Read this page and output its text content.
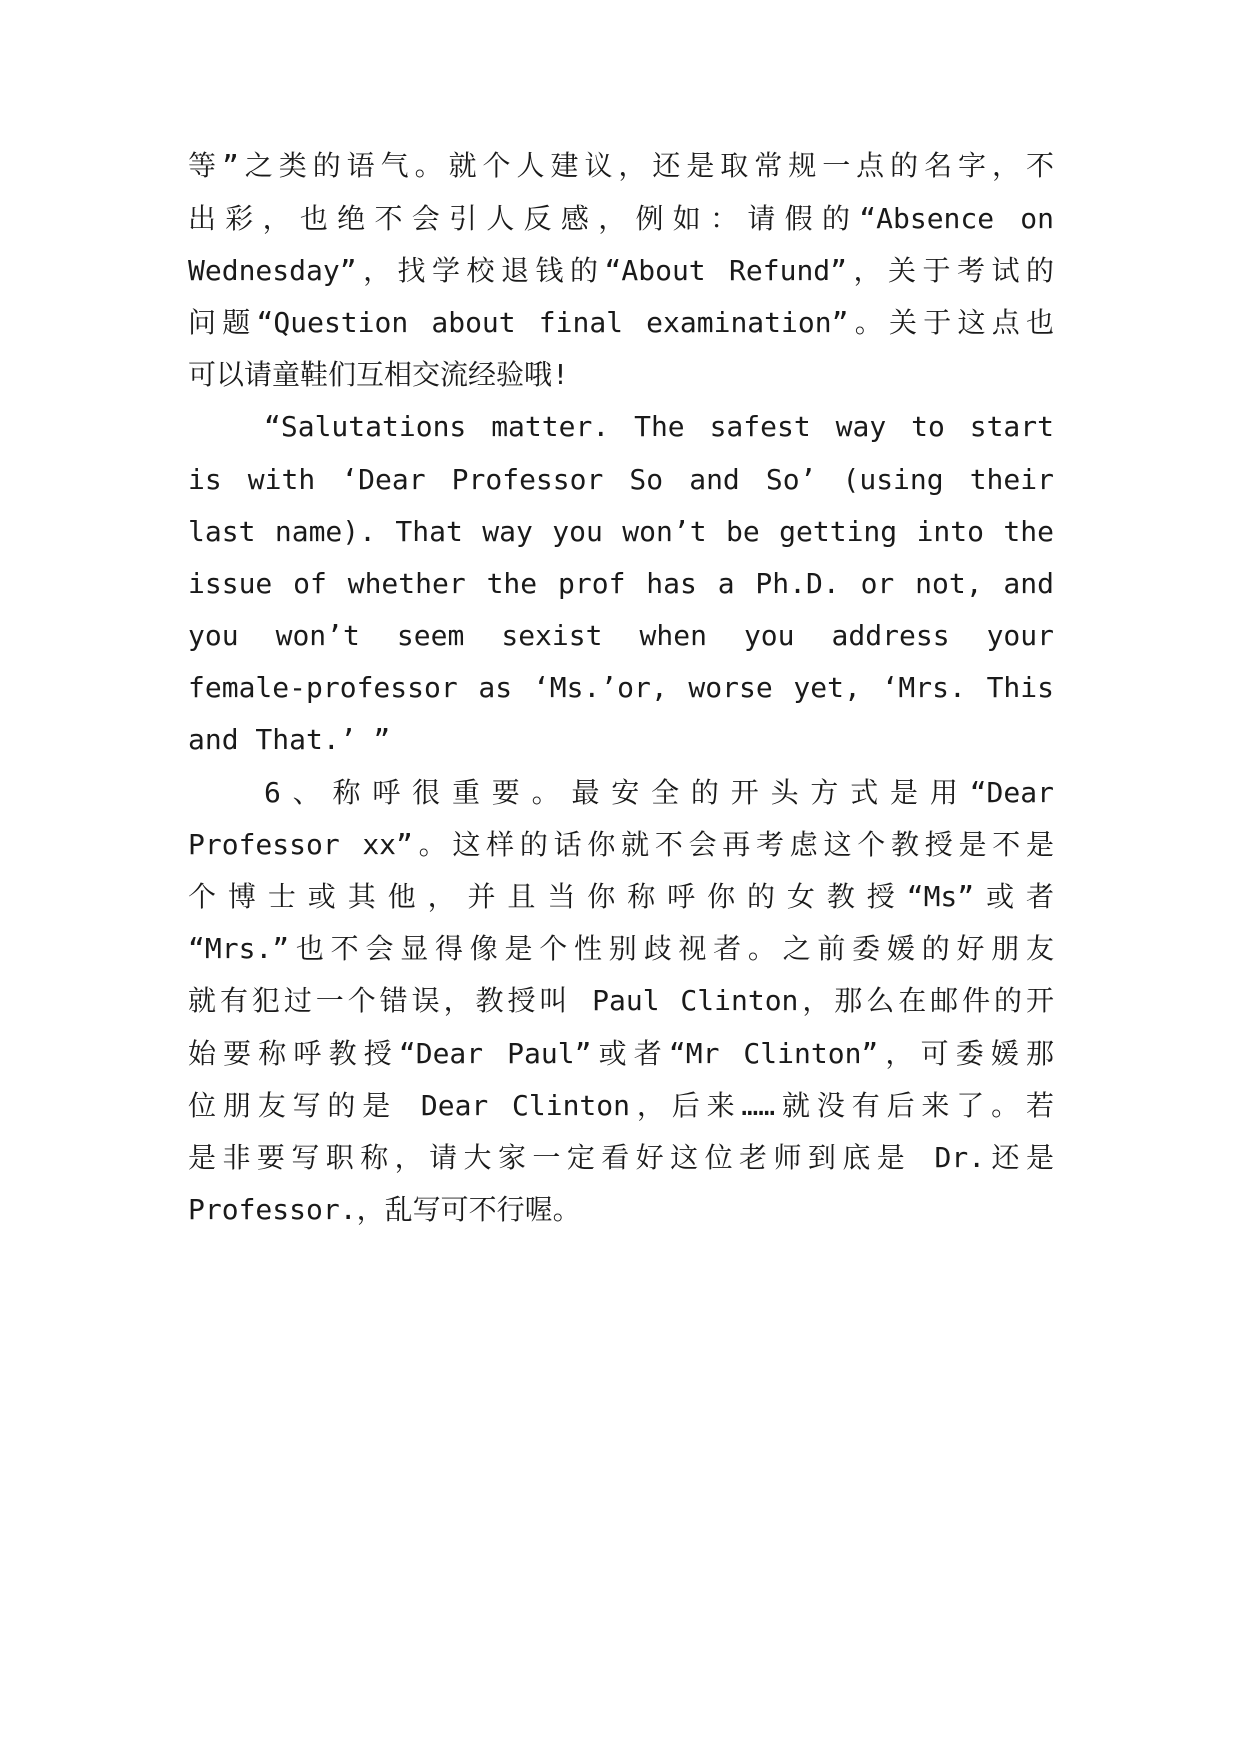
等”之类的语气。就个人建议，还是取常规一点的名字，不
出彩，也绝不会引人反感，例如：请假的“Absence on
Wednesday”，找学校退钱的“About Refund”，关于考试的
问题“Question about final examination”。关于这点也
可以请童鞋们互相交流经验哦!
“Salutations matter. The safest way to start
is with ‘Dear Professor So and So’ (using their
last name). That way you won’t be getting into the
issue of whether the prof has a Ph.D. or not, and
you won’t seem sexist when you address your
female-professor as ‘Ms.’or, worse yet, ‘Mrs. This
and That.’ ”
6、称呼很重要。最安全的开头方式是用“Dear
Professor xx”。这样的话你就不会再考虑这个教授是不是
个博士或其他，并且当你称呼你的女教授“Ms”或者
“Mrs.”也不会显得像是个性别歧视者。之前委媛的好朋友
就有犯过一个错误，教授叫 Paul Clinton，那么在邮件的开
始要称呼教授“Dear Paul”或者“Mr Clinton”，可委媛那
位朋友写的是 Dear Clinton，后来……就没有后来了。若
是非要写职称，请大家一定看好这位老师到底是 Dr.还是
Professor.，乱写可不行喔。
